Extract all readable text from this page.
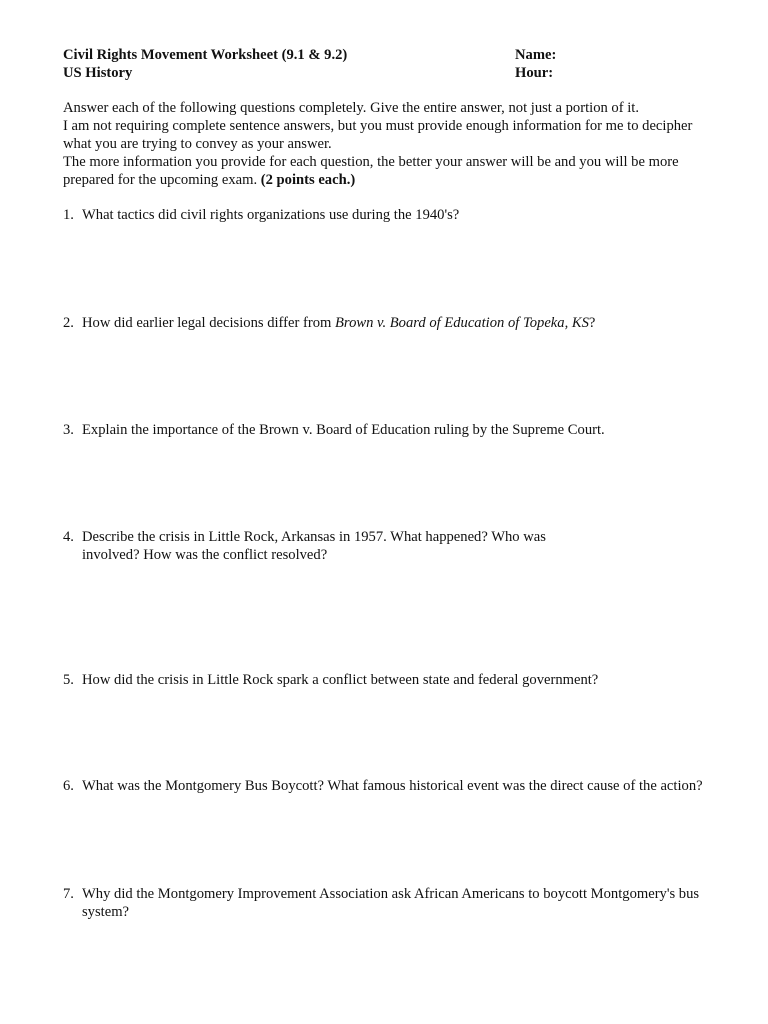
Civil Rights Movement Worksheet (9.1 & 9.2)
US History
Name:
Hour:
Answer each of the following questions completely. Give the entire answer, not just a portion of it.
I am not requiring complete sentence answers, but you must provide enough information for me to decipher
what you are trying to convey as your answer.
The more information you provide for each question, the better your answer will be and you will be more
prepared for the upcoming exam. (2 points each.)
1. What tactics did civil rights organizations use during the 1940's?
2. How did earlier legal decisions differ from Brown v. Board of Education of Topeka, KS?
3. Explain the importance of the Brown v. Board of Education ruling by the Supreme Court.
4. Describe the crisis in Little Rock, Arkansas in 1957. What happened? Who was
involved? How was the conflict resolved?
5. How did the crisis in Little Rock spark a conflict between state and federal government?
6. What was the Montgomery Bus Boycott? What famous historical event was the direct cause of the action?
7. Why did the Montgomery Improvement Association ask African Americans to boycott Montgomery's bus
system?
